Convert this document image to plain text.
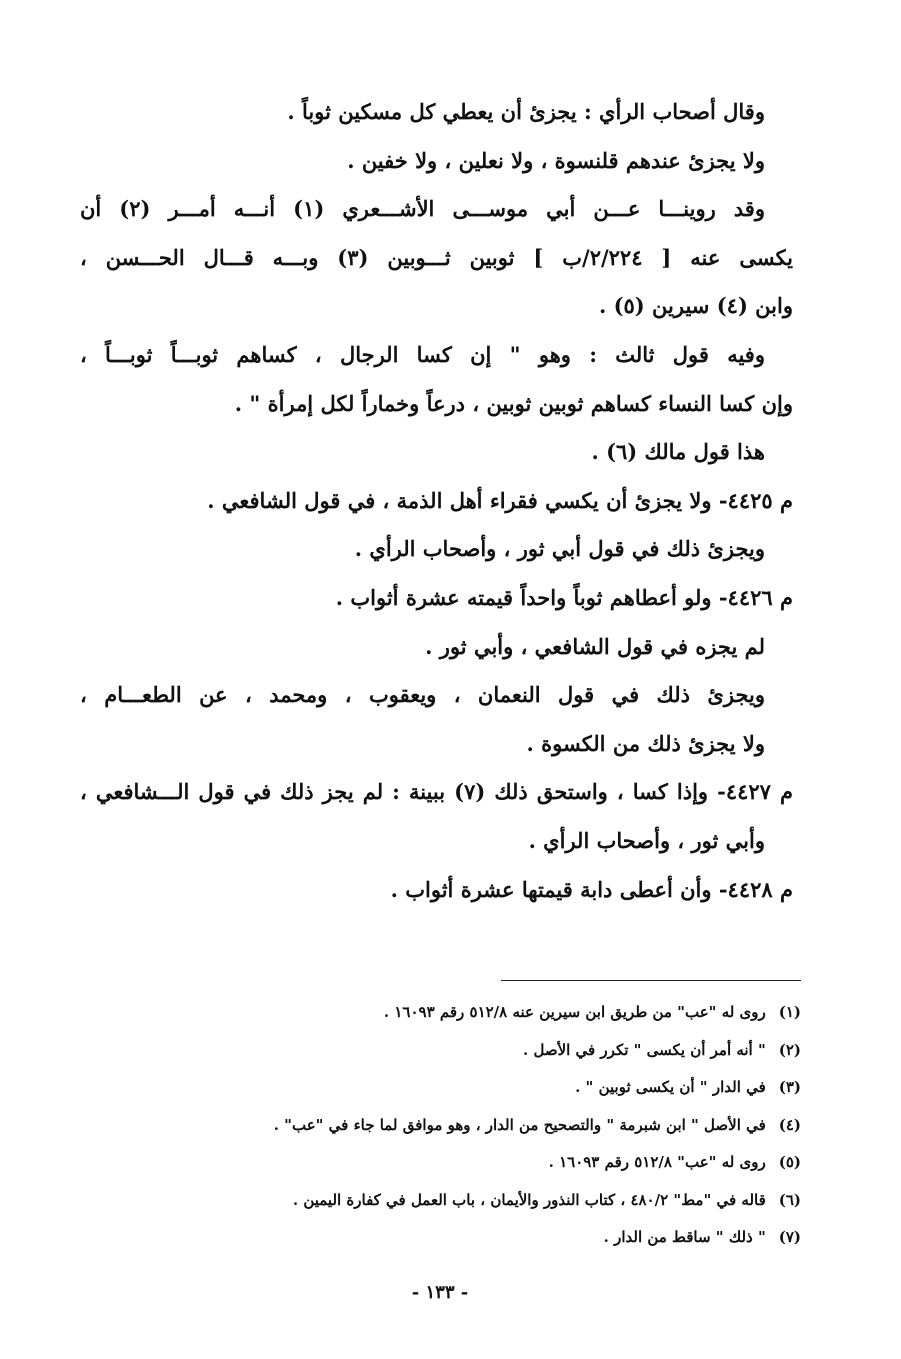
وقال أصحاب الرأي : يجزئ أن يعطي كل مسكين ثوباً .
ولا يجزئ عندهم قلنسوة ، ولا نعلين ، ولا خفين .
وقد روينـــا عـــن أبي موســـى الأشـــعري (١) أنـــه أمـــر (٢) أن
يكسى عنه [ ٢/٢٢٤/ب ] ثوبين ثـــوبين (٣) وبـــه قـــال الحـــسن ،
وابن (٤) سيرين (٥) .
وفيه قول ثالث : وهو " إن كسا الرجال ، كساهم ثوبـــاً ثوبـــاً ،
وإن كسا النساء كساهم ثوبين ثوبين ، درعاً وخماراً لكل إمرأة " .
هذا قول مالك (٦) .
م ٤٤٢٥- ولا يجزئ أن يكسي فقراء أهل الذمة ، في قول الشافعي .
ويجزئ ذلك في قول أبي ثور ، وأصحاب الرأي .
م ٤٤٢٦- ولو أعطاهم ثوباً واحداً قيمته عشرة أثواب .
لم يجزه في قول الشافعي ، وأبي ثور .
ويجزئ ذلك في قول النعمان ، ويعقوب ، ومحمد ، عن الطعـــام ،
ولا يجزئ ذلك من الكسوة .
م ٤٤٢٧- وإذا كسا ، واستحق ذلك (٧) ببينة : لم يجز ذلك في قول الـــشافعي ،
وأبي ثور ، وأصحاب الرأي .
م ٤٤٢٨- وأن أعطى دابة قيمتها عشرة أثواب .
(١) روى له "عب" من طريق ابن سيرين عنه ٥١٢/٨ رقم ١٦٠٩٣ .
(٢) " أنه أمر أن يكسى " تكرر في الأصل .
(٣) في الدار " أن يكسى ثوبين " .
(٤) في الأصل " ابن شبرمة " والتصحيح من الدار ، وهو موافق لما جاء في "عب" .
(٥) روى له "عب" ٥١٢/٨ رقم ١٦٠٩٣ .
(٦) قاله في "مط" ٤٨٠/٢ ، كتاب النذور والأيمان ، باب العمل في كفارة اليمين .
(٧) " ذلك " ساقط من الدار .
- ١٣٣ -
